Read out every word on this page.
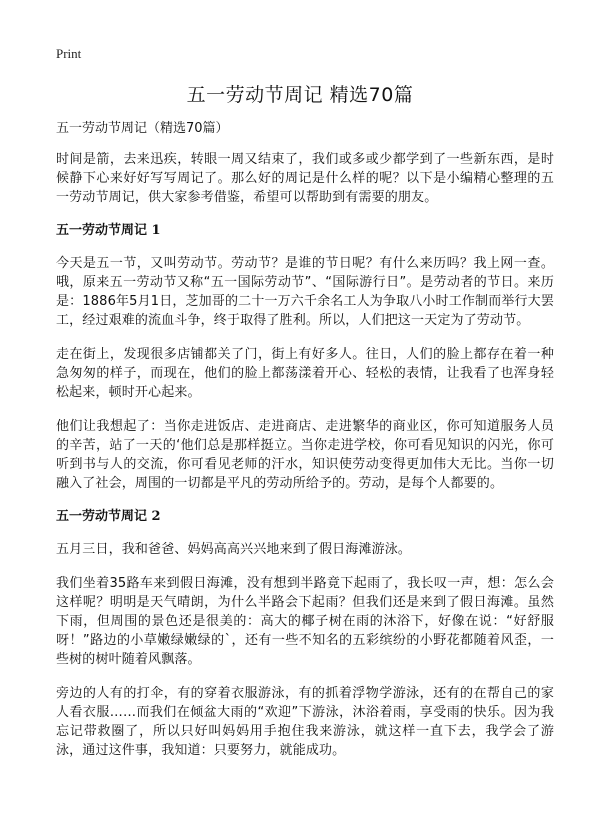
Print
五一劳动节周记 精选70篇

五一劳动节周记（精选70篇）

时间是箭，去来迅疾，转眼一周又结束了，我们或多或少都学到了一些新东西，是时候静下心来好好写写周记了。那么好的周记是什么样的呢？以下是小编精心整理的五一劳动节周记，供大家参考借鉴，希望可以帮助到有需要的朋友。

五一劳动节周记 1

今天是五一节，又叫劳动节。劳动节？是谁的节日呢？有什么来历吗？我上网一查。哦，原来五一劳动节又称“五一国际劳动节”、“国际游行日”。是劳动者的节日。来历是：1886年5月1日，芝加哥的二十一万六千余名工人为争取八小时工作制而举行大罢工，经过艰难的流血斗争，终于取得了胜利。所以，人们把这一天定为了劳动节。

走在街上，发现很多店铺都关了门，街上有好多人。往日，人们的脸上都存在着一种急匆匆的样子，而现在，他们的脸上都荡漾着开心、轻松的表情，让我看了也浑身轻松起来，顿时开心起来。

他们让我想起了：当你走进饭店、走进商店、走进繁华的商业区，你可知道服务人员的辛苦，站了一天的‘他们总是那样挺立。当你走进学校，你可看见知识的闪光，你可听到书与人的交流，你可看见老师的汗水，知识使劳动变得更加伟大无比。当你一切融入了社会，周围的一切都是平凡的劳动所给予的。劳动，是每个人都要的。

五一劳动节周记 2

五月三日，我和爸爸、妈妈高高兴兴地来到了假日海滩游泳。

我们坐着35路车来到假日海滩，没有想到半路竟下起雨了，我长叹一声，想：怎么会这样呢？明明是天气晴朗，为什么半路会下起雨？但我们还是来到了假日海滩。虽然下雨，但周围的景色还是很美的：高大的椰子树在雨的沐浴下，好像在说：“好舒服呀！”路边的小草嫩绿嫩绿的`，还有一些不知名的五彩缤纷的小野花都随着风歪，一些树的树叶随着风飘落。

旁边的人有的打伞，有的穿着衣服游泳，有的抓着浮物学游泳，还有的在帮自己的家人看衣服……而我们在倾盆大雨的“欢迎”下游泳，沐浴着雨，享受雨的快乐。因为我忘记带救圈了，所以只好叫妈妈用手抱住我来游泳，就这样一直下去，我学会了游泳，通过这件事，我知道：只要努力，就能成功。
